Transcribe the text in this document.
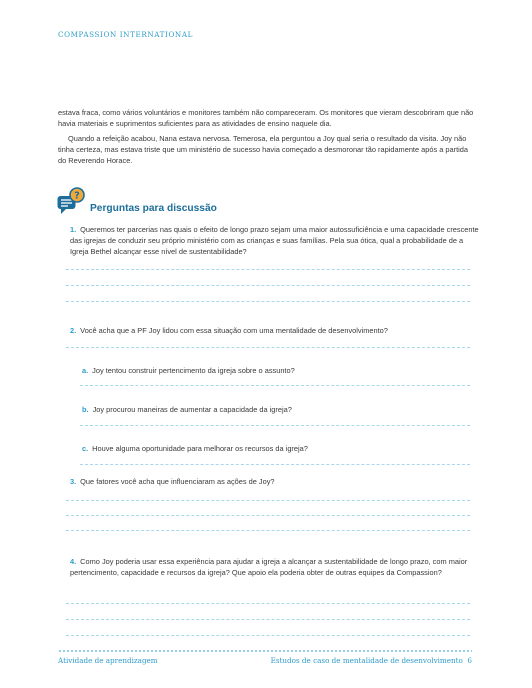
COMPASSION INTERNATIONAL

estava fraca, como vários voluntários e monitores também não compareceram. Os monitores que vieram descobriram que não havia materiais e suprimentos suficientes para as atividades de ensino naquele dia.

Quando a refeição acabou, Nana estava nervosa. Temerosa, ela perguntou a Joy qual seria o resultado da visita. Joy não tinha certeza, mas estava triste que um ministério de sucesso havia começado a desmoronar tão rapidamente após a partida do Reverendo Horace.

?
Perguntas para discussão

1. Queremos ter parcerias nas quais o efeito de longo prazo sejam uma maior autossuficiência e uma capacidade crescente das igrejas de conduzir seu próprio ministério com as crianças e suas famílias. Pela sua ótica, qual a probabilidade de a Igreja Bethel alcançar esse nível de sustentabilidade?

2. Você acha que a PF Joy lidou com essa situação com uma mentalidade de desenvolvimento?

a. Joy tentou construir pertencimento da igreja sobre o assunto?

b. Joy procurou maneiras de aumentar a capacidade da igreja?

c. Houve alguma oportunidade para melhorar os recursos da igreja?

3. Que fatores você acha que influenciaram as ações de Joy?

4. Como Joy poderia usar essa experiência para ajudar a igreja a alcançar a sustentabilidade de longo prazo, com maior pertencimento, capacidade e recursos da igreja? Que apoio ela poderia obter de outras equipes da Compassion?

Atividade de aprendizagem	Estudos de caso de mentalidade de desenvolvimento 6
